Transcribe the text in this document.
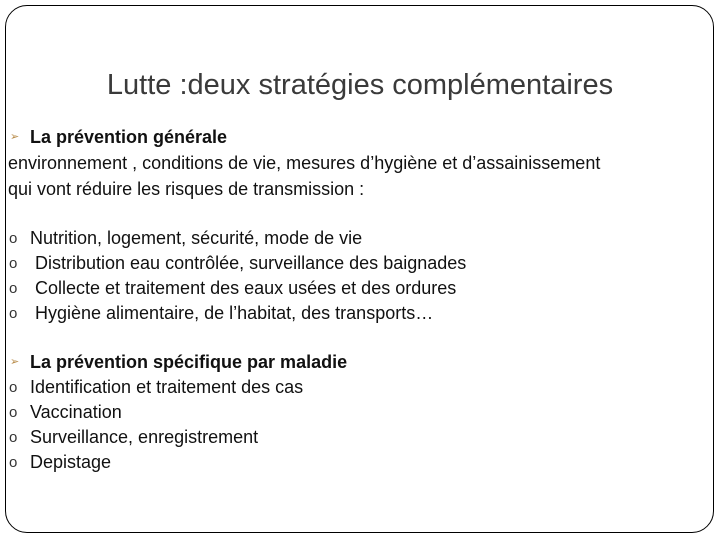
Lutte :deux stratégies complémentaires
➢ La prévention générale
environnement , conditions de vie, mesures d’hygiène et d’assainissement
qui vont réduire les risques de transmission :
o Nutrition, logement, sécurité, mode de vie
o Distribution eau contrôlée, surveillance des baignades
o Collecte et traitement des eaux usées et des ordures
o Hygiène alimentaire, de l’habitat, des transports…
➢ La prévention spécifique par maladie
o Identification et traitement des cas
o Vaccination
o Surveillance, enregistrement
o Depistage
